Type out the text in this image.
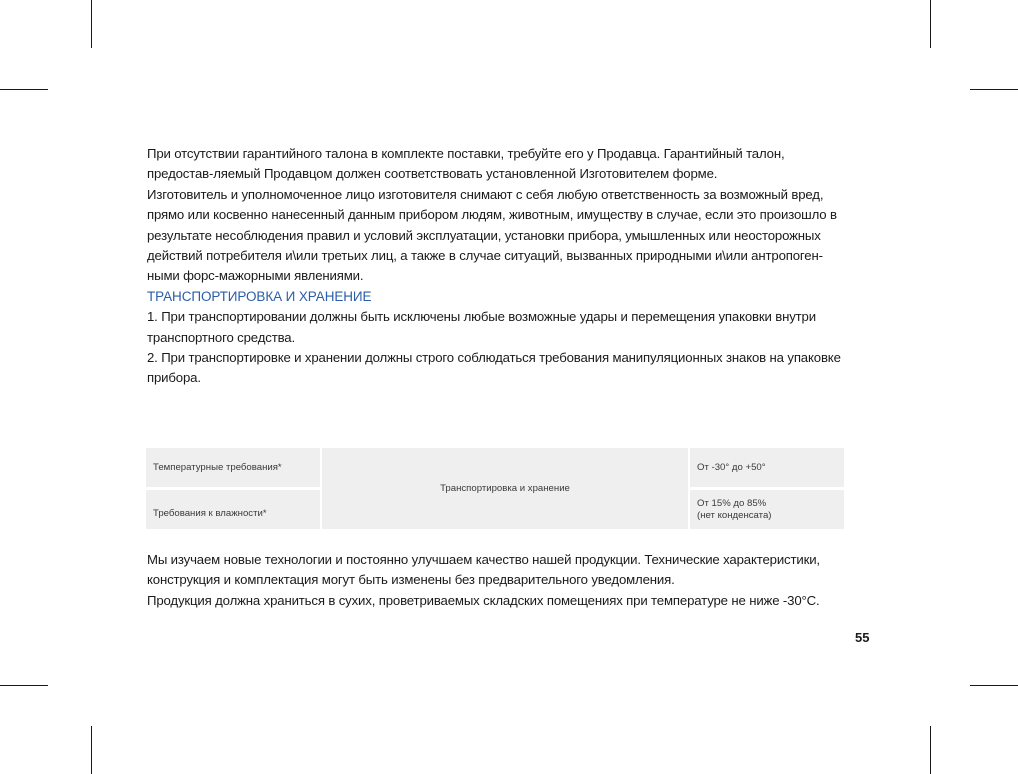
При отсутствии гарантийного талона в комплекте поставки, требуйте его у Продавца. Гарантийный талон, предостав-ляемый Продавцом должен соответствовать установленной Изготовителем форме.

Изготовитель и уполномоченное лицо изготовителя снимают с себя любую ответственность за возможный вред, прямо или косвенно нанесенный данным прибором людям, животным, имуществу в случае, если это произошло в результате несоблюдения правил и условий эксплуатации, установки прибора, умышленных или неосторожных действий потребителя и\или третьих лиц, а также в случае ситуаций, вызванных природными и\или антропоген-ными форс-мажорными явлениями.

ТРАНСПОРТИРОВКА И ХРАНЕНИЕ

1. При транспортировании должны быть исключены любые возможные удары и перемещения упаковки внутри транспортного средства.

2. При транспортировке и хранении должны строго соблюдаться требования манипуляционных знаков на упаковке прибора.

Температурные требования*
Транспортировка и хранение
От -30° до +50°
Требования к влажности*
От 15% до 85%
(нет конденсата)

Мы изучаем новые технологии и постоянно улучшаем качество нашей продукции. Технические характеристики, конструкция и комплектация могут быть изменены без предварительного уведомления.

Продукция должна храниться в сухих, проветриваемых складских помещениях при температуре не ниже -30°C.

55
